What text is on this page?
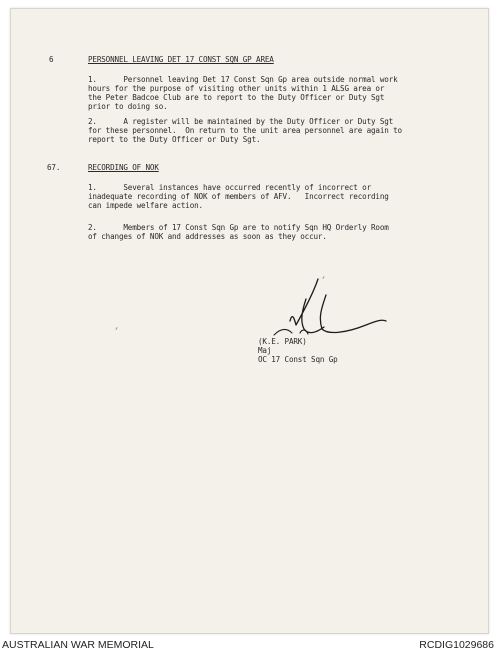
6	PERSONNEL LEAVING DET 17 CONST SQN GP AREA
1.      Personnel leaving Det 17 Const Sqn Gp area outside normal work
hours for the purpose of visiting other units within 1 ALSG area or
the Peter Badcoe Club are to report to the Duty Officer or Duty Sgt
prior to doing so.
2.      A register will be maintained by the Duty Officer or Duty Sgt
for these personnel.  On return to the unit area personnel are again to
report to the Duty Officer or Duty Sgt.
67.	RECORDING OF NOK
1.      Several instances have occurred recently of incorrect or
inadequate recording of NOK of members of AFV.   Incorrect recording
can impede welfare action.
2.      Members of 17 Const Sqn Gp are to notify Sqn HQ Orderly Room
of changes of NOK and addresses as soon as they occur.
(K.E. PARK)
Maj
OC 17 Const Sqn Gp
AUSTRALIAN WAR MEMORIAL	RCDIG1029686
